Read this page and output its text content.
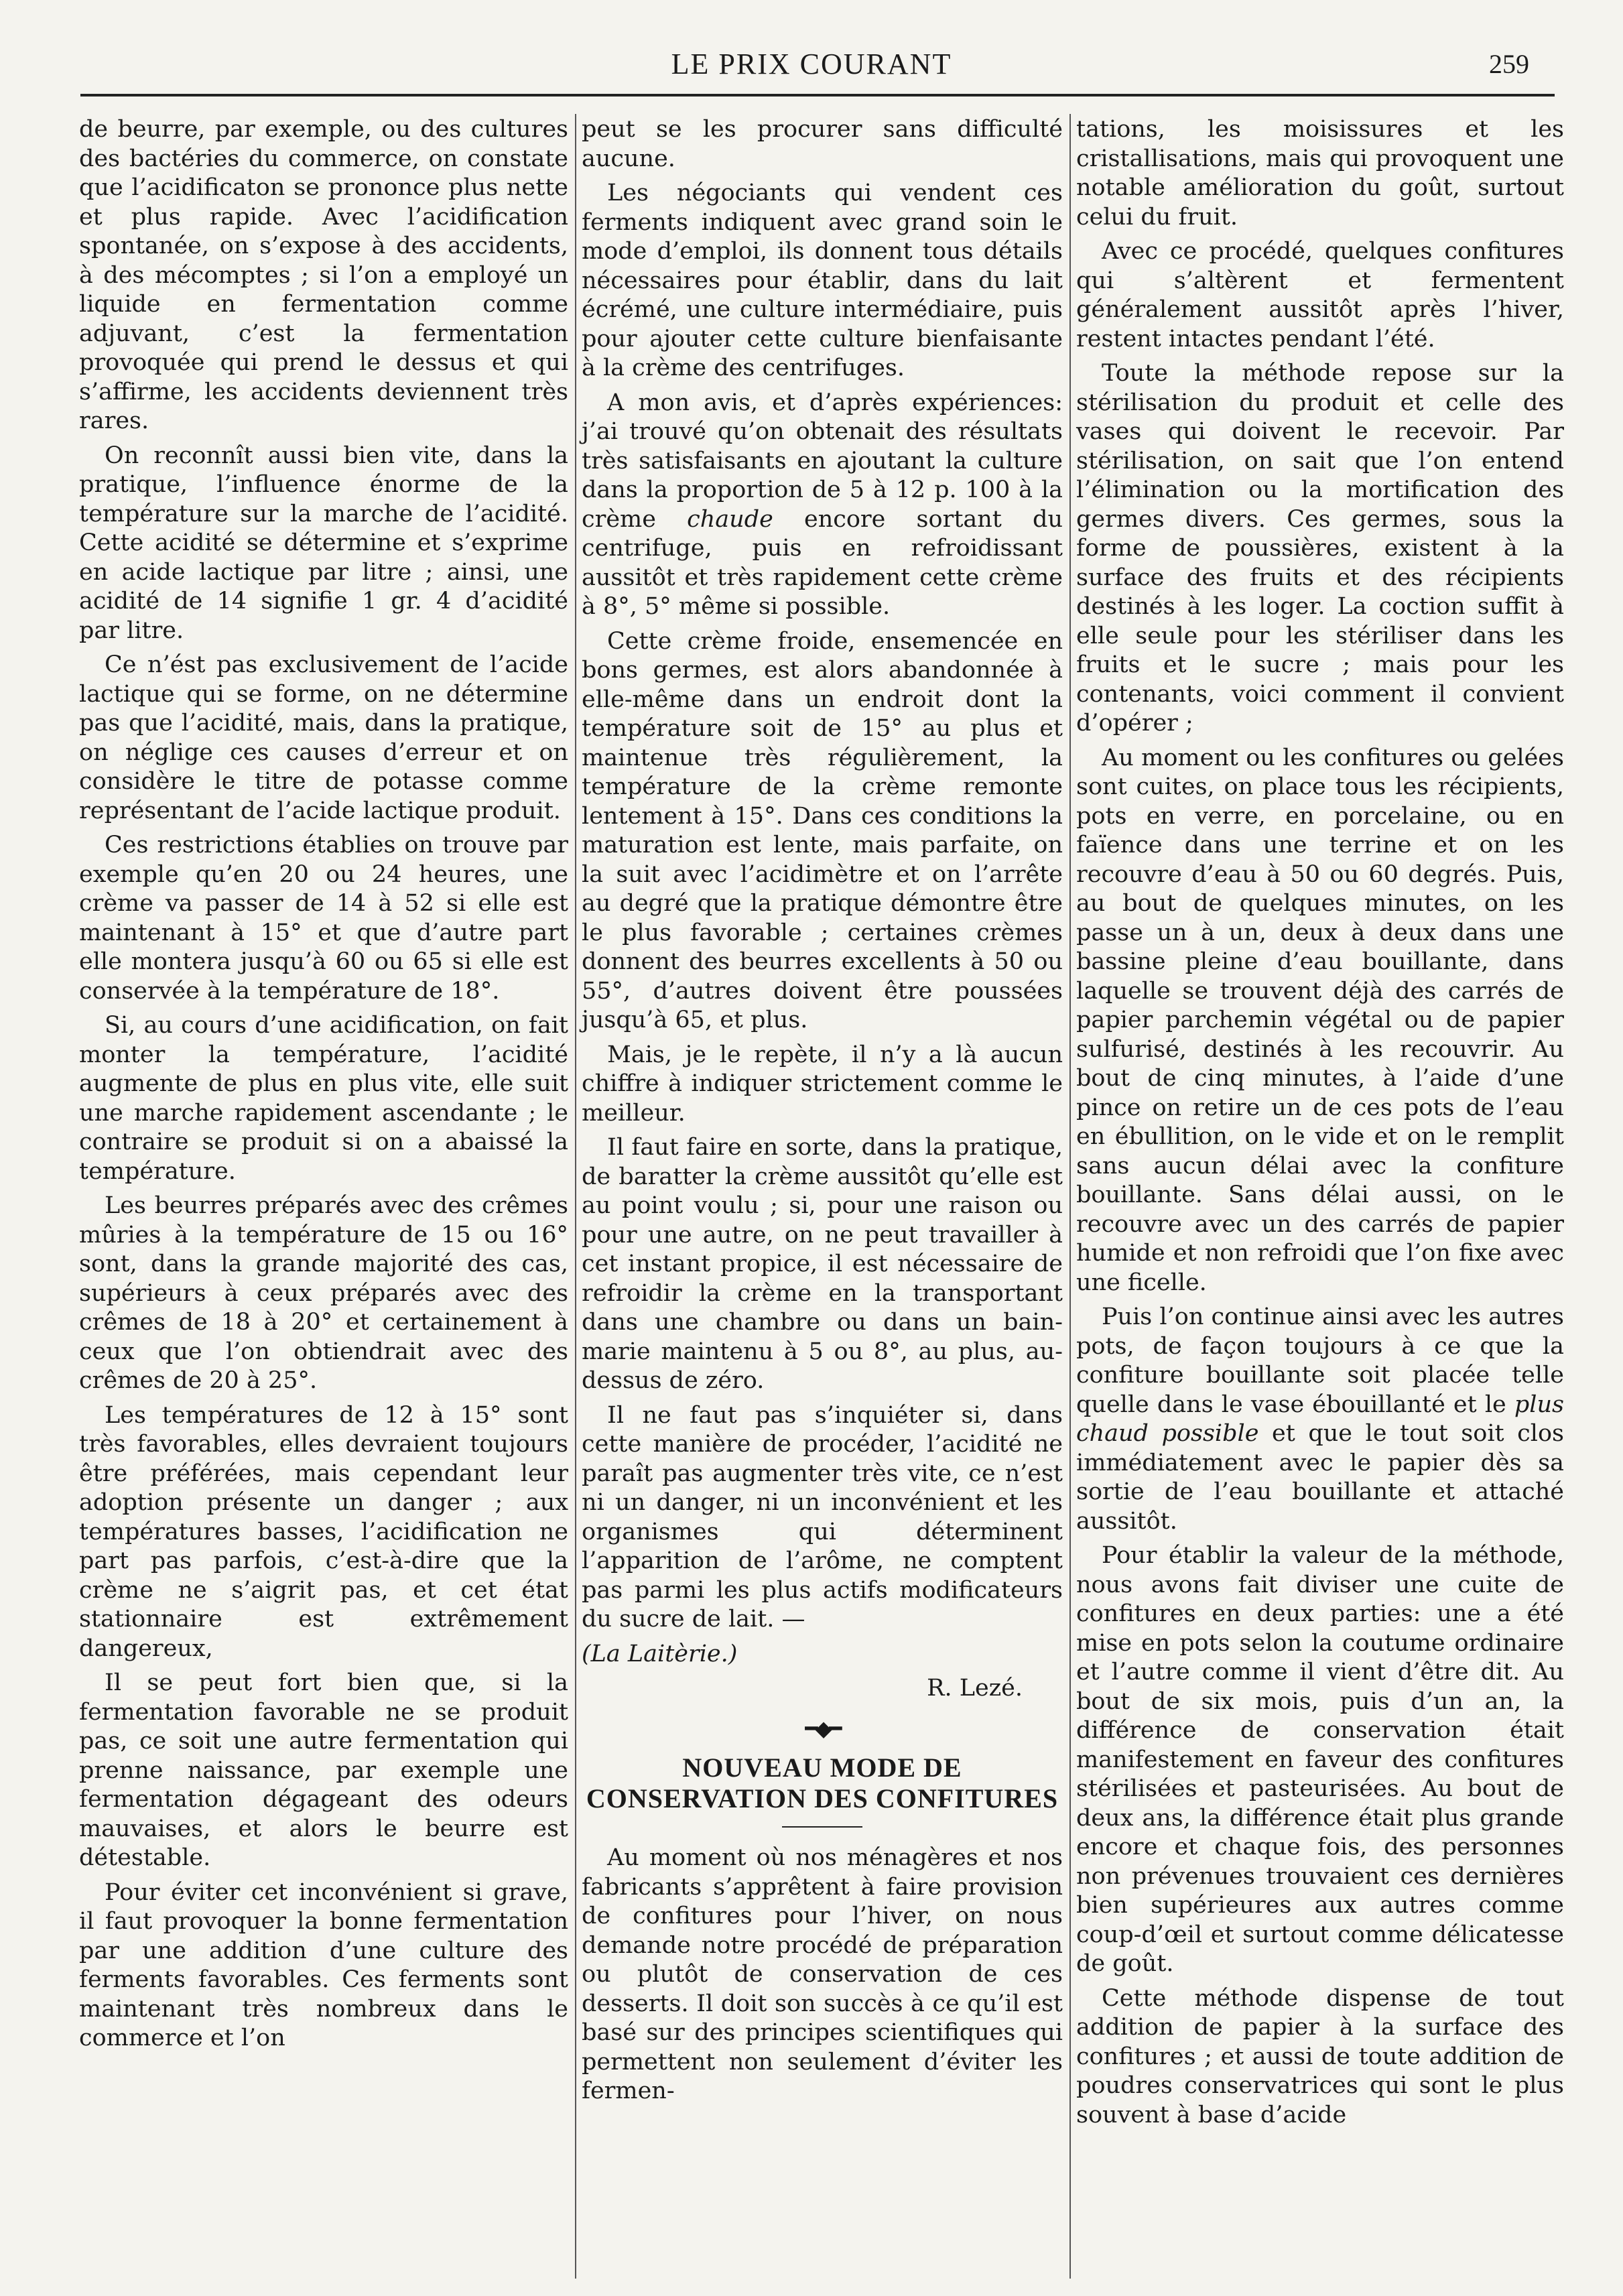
LE PRIX COURANT	259

de beurre, par exemple, ou des cultures des bactéries du commerce, on constate que l’acidificaton se prononce plus nette et plus rapide. Avec l’acidification spontanée, on s’expose à des accidents, à des mécomptes ; si l’on a employé un liquide en fermentation comme adjuvant, c’est la fermentation provoquée qui prend le dessus et qui s’affirme, les accidents deviennent très rares.

On reconnît aussi bien vite, dans la pratique, l’influence énorme de la température sur la marche de l’acidité. Cette acidité se détermine et s’exprime en acide lactique par litre ; ainsi, une acidité de 14 signifie 1 gr. 4 d’acidité par litre.

Ce n’ést pas exclusivement de l’acide lactique qui se forme, on ne détermine pas que l’acidité, mais, dans la pratique, on néglige ces causes d’erreur et on considère le titre de potasse comme représentant de l’acide lactique produit.

Ces restrictions établies on trouve par exemple qu’en 20 ou 24 heures, une crème va passer de 14 à 52 si elle est maintenant à 15° et que d’autre part elle montera jusqu’à 60 ou 65 si elle est conservée à la température de 18°.

Si, au cours d’une acidification, on fait monter la température, l’acidité augmente de plus en plus vite, elle suit une marche rapidement ascendante ; le contraire se produit si on a abaissé la température.

Les beurres préparés avec des crêmes mûries à la température de 15 ou 16° sont, dans la grande majorité des cas, supérieurs à ceux préparés avec des crêmes de 18 à 20° et certainement à ceux que l’on obtiendrait avec des crêmes de 20 à 25°.

Les températures de 12 à 15° sont très favorables, elles devraient toujours être préférées, mais cependant leur adoption présente un danger ; aux températures basses, l’acidification ne part pas parfois, c’est-à-dire que la crème ne s’aigrit pas, et cet état stationnaire est extrêmement dangereux,

Il se peut fort bien que, si la fermentation favorable ne se produit pas, ce soit une autre fermentation qui prenne naissance, par exemple une fermentation dégageant des odeurs mauvaises, et alors le beurre est détestable.

Pour éviter cet inconvénient si grave, il faut provoquer la bonne fermentation par une addition d’une culture des ferments favorables. Ces ferments sont maintenant très nombreux dans le commerce et l’on

peut se les procurer sans difficulté aucune.

Les négociants qui vendent ces ferments indiquent avec grand soin le mode d’emploi, ils donnent tous détails nécessaires pour établir, dans du lait écrémé, une culture intermédiaire, puis pour ajouter cette culture bienfaisante à la crème des centrifuges.

A mon avis, et d’après expériences: j’ai trouvé qu’on obtenait des résultats très satisfaisants en ajoutant la culture dans la proportion de 5 à 12 p. 100 à la crème chaude encore sortant du centrifuge, puis en refroidissant aussitôt et très rapidement cette crème à 8°, 5° même si possible.

Cette crème froide, ensemencée en bons germes, est alors abandonnée à elle-même dans un endroit dont la température soit de 15° au plus et maintenue très régulièrement, la température de la crème remonte lentement à 15°. Dans ces conditions la maturation est lente, mais parfaite, on la suit avec l’acidimètre et on l’arrête au degré que la pratique démontre être le plus favorable ; certaines crèmes donnent des beurres excellents à 50 ou 55°, d’autres doivent être poussées jusqu’à 65, et plus.

Mais, je le repète, il n’y a là aucun chiffre à indiquer strictement comme le meilleur.

Il faut faire en sorte, dans la pratique, de baratter la crème aussitôt qu’elle est au point voulu ; si, pour une raison ou pour une autre, on ne peut travailler à cet instant propice, il est nécessaire de refroidir la crème en la transportant dans une chambre ou dans un bain-marie maintenu à 5 ou 8°, au plus, au-dessus de zéro.

Il ne faut pas s’inquiéter si, dans cette manière de procéder, l’acidité ne paraît pas augmenter très vite, ce n’est ni un danger, ni un inconvénient et les organismes qui déterminent l’apparition de l’arôme, ne comptent pas parmi les plus actifs modificateurs du sucre de lait. —

(La Laitèrie.)

R. Lezé.

━◆━
NOUVEAU MODE DE CONSERVATION DES CONFITURES

Au moment où nos ménagères et nos fabricants s’apprêtent à faire provision de confitures pour l’hiver, on nous demande notre procédé de préparation ou plutôt de conservation de ces desserts. Il doit son succès à ce qu’il est basé sur des principes scientifiques qui permettent non seulement d’éviter les fermen-

tations, les moisissures et les cristallisations, mais qui provoquent une notable amélioration du goût, surtout celui du fruit.

Avec ce procédé, quelques confitures qui s’altèrent et fermentent généralement aussitôt après l’hiver, restent intactes pendant l’été.

Toute la méthode repose sur la stérilisation du produit et celle des vases qui doivent le recevoir. Par stérilisation, on sait que l’on entend l’élimination ou la mortification des germes divers. Ces germes, sous la forme de poussières, existent à la surface des fruits et des récipients destinés à les loger. La coction suffit à elle seule pour les stériliser dans les fruits et le sucre ; mais pour les contenants, voici comment il convient d’opérer ;

Au moment ou les confitures ou gelées sont cuites, on place tous les récipients, pots en verre, en porcelaine, ou en faïence dans une terrine et on les recouvre d’eau à 50 ou 60 degrés. Puis, au bout de quelques minutes, on les passe un à un, deux à deux dans une bassine pleine d’eau bouillante, dans laquelle se trouvent déjà des carrés de papier parchemin végétal ou de papier sulfurisé, destinés à les recouvrir. Au bout de cinq minutes, à l’aide d’une pince on retire un de ces pots de l’eau en ébullition, on le vide et on le remplit sans aucun délai avec la confiture bouillante. Sans délai aussi, on le recouvre avec un des carrés de papier humide et non refroidi que l’on fixe avec une ficelle.

Puis l’on continue ainsi avec les autres pots, de façon toujours à ce que la confiture bouillante soit placée telle quelle dans le vase ébouillanté et le plus chaud possible et que le tout soit clos immédiatement avec le papier dès sa sortie de l’eau bouillante et attaché aussitôt.

Pour établir la valeur de la méthode, nous avons fait diviser une cuite de confitures en deux parties: une a été mise en pots selon la coutume ordinaire et l’autre comme il vient d’être dit. Au bout de six mois, puis d’un an, la différence de conservation était manifestement en faveur des confitures stérilisées et pasteurisées. Au bout de deux ans, la différence était plus grande encore et chaque fois, des personnes non prévenues trouvaient ces dernières bien supérieures aux autres comme coup-d’œil et surtout comme délicatesse de goût.

Cette méthode dispense de tout addition de papier à la surface des confitures ; et aussi de toute addition de poudres conservatrices qui sont le plus souvent à base d’acide
